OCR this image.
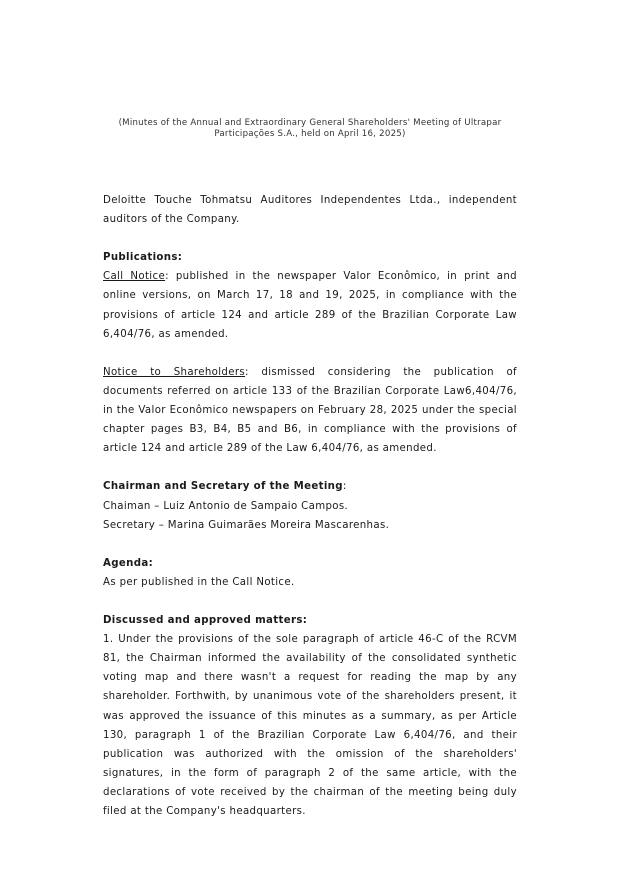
(Minutes of the Annual and Extraordinary General Shareholders' Meeting of Ultrapar
Participações S.A., held on April 16, 2025)

Deloitte Touche Tohmatsu Auditores Independentes Ltda., independent auditors of the Company.

Publications:

Call Notice: published in the newspaper Valor Econômico, in print and online versions, on March 17, 18 and 19, 2025, in compliance with the provisions of article 124 and article 289 of the Brazilian Corporate Law 6,404/76, as amended.

Notice to Shareholders: dismissed considering the publication of documents referred on article 133 of the Brazilian Corporate Law6,404/76, in the Valor Econômico newspapers on February 28, 2025 under the special chapter pages B3, B4, B5 and B6, in compliance with the provisions of article 124 and article 289 of the Law 6,404/76, as amended.

Chairman and Secretary of the Meeting:

Chaiman – Luiz Antonio de Sampaio Campos.

Secretary – Marina Guimarães Moreira Mascarenhas.

Agenda:

As per published in the Call Notice.

Discussed and approved matters:

1. Under the provisions of the sole paragraph of article 46-C of the RCVM 81, the Chairman informed the availability of the consolidated synthetic voting map and there wasn't a request for reading the map by any shareholder. Forthwith, by unanimous vote of the shareholders present, it was approved the issuance of this minutes as a summary, as per Article 130, paragraph 1 of the Brazilian Corporate Law 6,404/76, and their publication was authorized with the omission of the shareholders' signatures, in the form of paragraph 2 of the same article, with the declarations of vote received by the chairman of the meeting being duly filed at the Company's headquarters.
